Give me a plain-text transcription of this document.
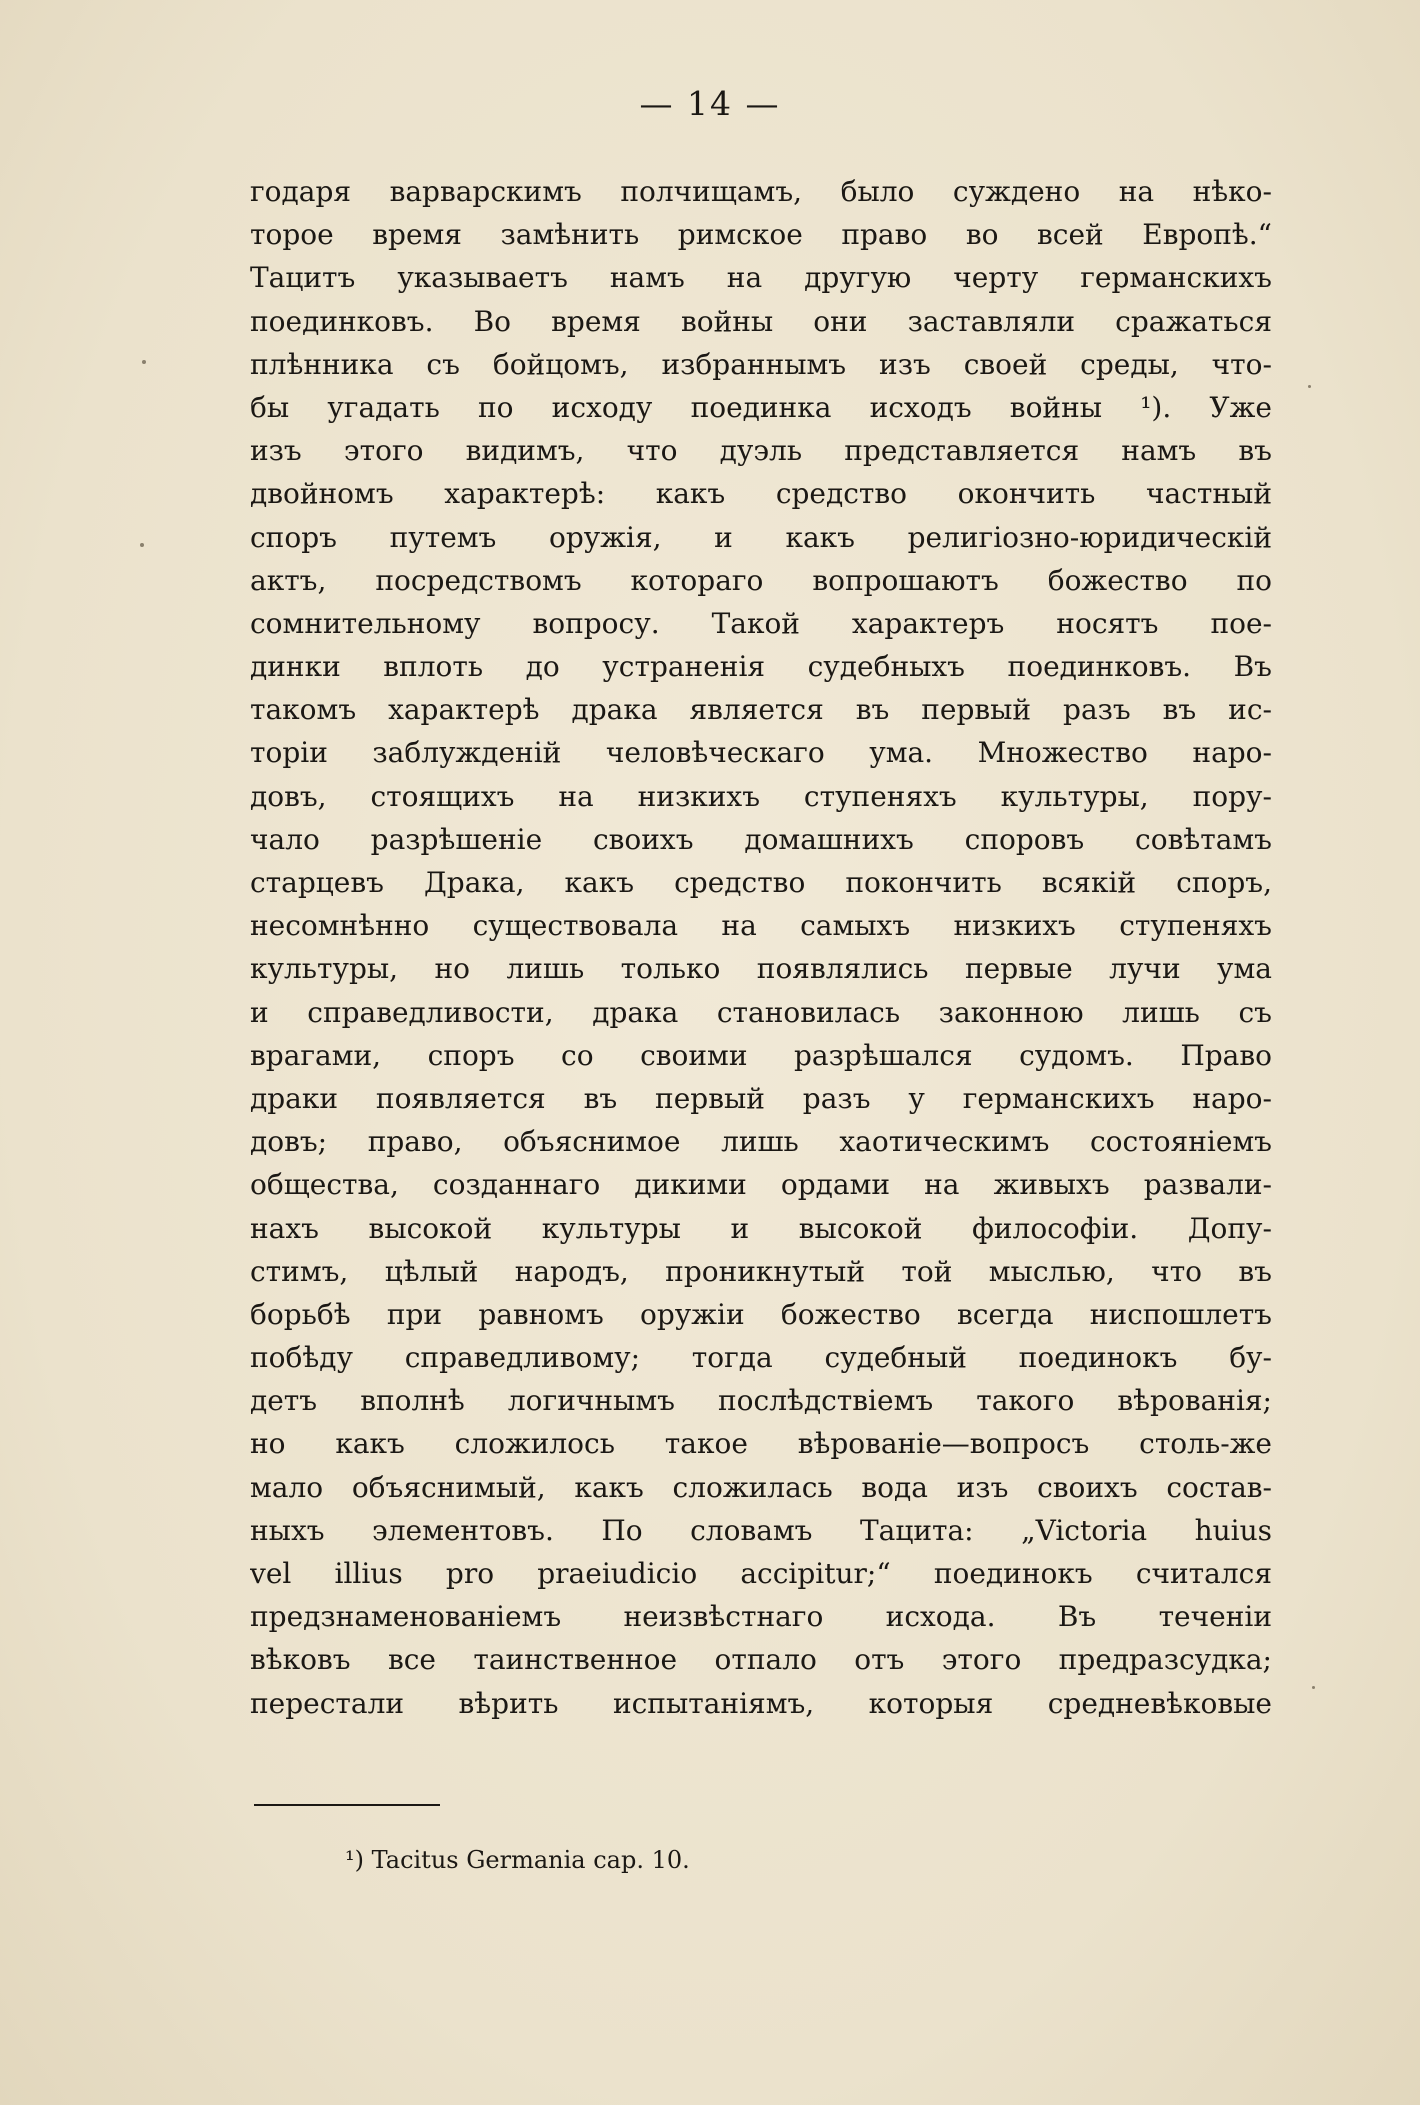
— 14 —
годаря варварскимъ полчищамъ, было суждено на нѣко-
торое время замѣнить римское право во всей Европѣ.“
Тацитъ указываетъ намъ на другую черту германскихъ
поединковъ. Во время войны они заставляли сражаться
плѣнника съ бойцомъ, избраннымъ изъ своей среды, что-
бы угадать по исходу поединка исходъ войны ¹). Уже
изъ этого видимъ, что дуэль представляется намъ въ
двойномъ характерѣ: какъ средство окончить частный
споръ путемъ оружія, и какъ религіозно-юридическій
актъ, посредствомъ котораго вопрошаютъ божество по
сомнительному вопросу. Такой характеръ носятъ пое-
динки вплоть до устраненія судебныхъ поединковъ. Въ
такомъ характерѣ драка является въ первый разъ въ ис-
торіи заблужденій человѣческаго ума. Множество наро-
довъ, стоящихъ на низкихъ ступеняхъ культуры, пору-
чало разрѣшеніе своихъ домашнихъ споровъ совѣтамъ
старцевъ Драка, какъ средство покончить всякій споръ,
несомнѣнно существовала на самыхъ низкихъ ступеняхъ
культуры, но лишь только появлялись первые лучи ума
и справедливости, драка становилась законною лишь съ
врагами, споръ со своими разрѣшался судомъ. Право
драки появляется въ первый разъ у германскихъ наро-
довъ; право, объяснимое лишь хаотическимъ состояніемъ
общества, созданнаго дикими ордами на живыхъ развали-
нахъ высокой культуры и высокой философіи. Допу-
стимъ, цѣлый народъ, проникнутый той мыслью, что въ
борьбѣ при равномъ оружіи божество всегда ниспошлетъ
побѣду справедливому; тогда судебный поединокъ бу-
детъ вполнѣ логичнымъ послѣдствіемъ такого вѣрованія;
но какъ сложилось такое вѣрованіе—вопросъ столь-же
мало объяснимый, какъ сложилась вода изъ своихъ состав-
ныхъ элементовъ. По словамъ Тацита: „Victoria huius
vel illius pro praeiudicio accipitur;“ поединокъ считался
предзнаменованіемъ неизвѣстнаго исхода. Въ теченіи
вѣковъ все таинственное отпало отъ этого предразсудка;
перестали вѣрить испытаніямъ, которыя средневѣковые
¹) Tacitus Germania cap. 10.
